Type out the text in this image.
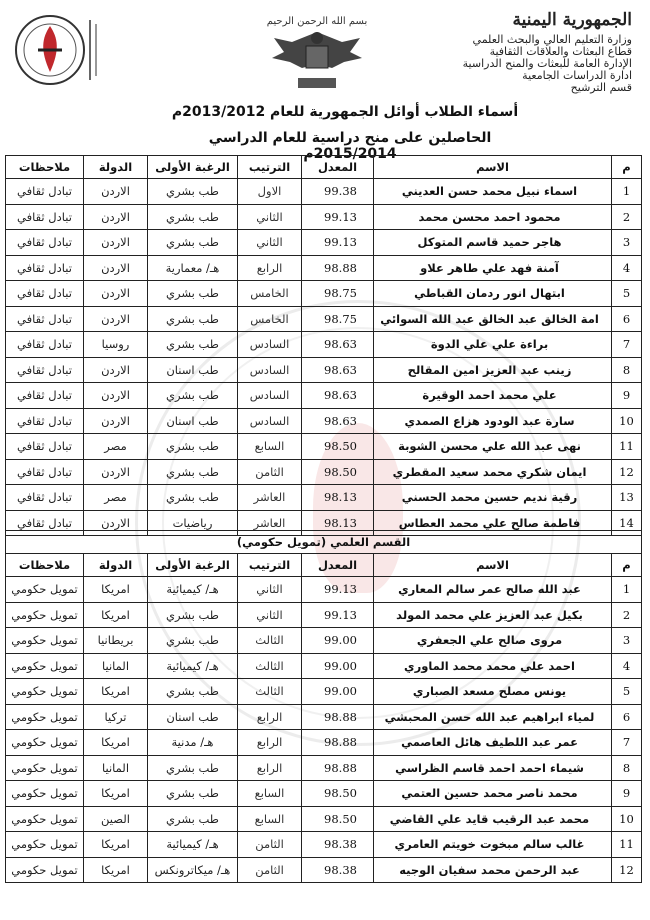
الجمهورية اليمنية
وزارة التعليم العالي والبحث العلمي
قطاع البعثات والعلاقات الثقافية
الإدارة العامة للبعثات والمنح الدراسية
ادارة الدراسات الجامعية
قسم الترشيح
بسم الله الرحمن الرحيم
أسماء الطلاب أوائل الجمهورية للعام 2013/2012م
الحاصلين على منح دراسية للعام الدراسي 2015/2014م
م	الاسم	المعدل	الترتيب	الرغبة الأولى	الدولة	ملاحظات
1	اسماء نبيل محمد حسن العديني	99.38	الاول	طب بشري	الاردن	تبادل ثقافي
2	محمود احمد محسن محمد	99.13	الثاني	طب بشري	الاردن	تبادل ثقافي
3	هاجر حميد قاسم المتوكل	99.13	الثاني	طب بشري	الاردن	تبادل ثقافي
4	آمنة فهد علي طاهر علاو	98.88	الرابع	هـ/ معمارية	الاردن	تبادل ثقافي
5	ابتهال انور ردمان القباطي	98.75	الخامس	طب بشري	الاردن	تبادل ثقافي
6	امة الخالق عبد الخالق عبد الله السوائي	98.75	الخامس	طب بشري	الاردن	تبادل ثقافي
7	براءة علي علي الدوة	98.63	السادس	طب بشري	روسيا	تبادل ثقافي
8	زينب عبد العزيز امين المقالح	98.63	السادس	طب اسنان	الاردن	تبادل ثقافي
9	علي محمد احمد الوقيرة	98.63	السادس	طب بشري	الاردن	تبادل ثقافي
10	سارة عبد الودود هزاع الصمدي	98.63	السادس	طب اسنان	الاردن	تبادل ثقافي
11	نهى عبد الله علي محسن الشوبة	98.50	السابع	طب بشري	مصر	تبادل ثقافي
12	ايمان شكري محمد سعيد المقطري	98.50	الثامن	طب بشري	الاردن	تبادل ثقافي
13	رقية نديم حسين محمد الحسني	98.13	العاشر	طب بشري	مصر	تبادل ثقافي
14	فاطمة صالح علي محمد العطاس	98.13	العاشر	رياضيات	الاردن	تبادل ثقافي
القسم العلمي (تمويل حكومي)						
م	الاسم	المعدل	الترتيب	الرغبة الأولى	الدولة	ملاحظات
1	عبد الله صالح عمر سالم المعاري	99.13	الثاني	هـ/ كيميائية	امريكا	تمويل حكومي
2	بكيل عبد العزيز علي محمد المولد	99.13	الثاني	طب بشري	امريكا	تمويل حكومي
3	مروى صالح علي الجعفري	99.00	الثالث	طب بشري	بريطانيا	تمويل حكومي
4	احمد علي محمد محمد الماوري	99.00	الثالث	هـ/ كيميائية	المانيا	تمويل حكومي
5	يونس مصلح مسعد الصباري	99.00	الثالث	طب بشري	امريكا	تمويل حكومي
6	لمياء ابراهيم عبد الله حسن المحبشي	98.88	الرابع	طب اسنان	تركيا	تمويل حكومي
7	عمر عبد اللطيف هائل العاصمي	98.88	الرابع	هـ/ مدنية	امريكا	تمويل حكومي
8	شيماء احمد احمد قاسم الظراسي	98.88	الرابع	طب بشري	المانيا	تمويل حكومي
9	محمد ناصر محمد حسين العتمي	98.50	السابع	طب بشري	امريكا	تمويل حكومي
10	محمد عبد الرقيب قايد علي القاضي	98.50	السابع	طب بشري	الصين	تمويل حكومي
11	غالب سالم مبخوت خويتم العامري	98.38	الثامن	هـ/ كيميائية	امريكا	تمويل حكومي
12	عبد الرحمن محمد سفيان الوجيه	98.38	الثامن	هـ/ ميكاترونكس	امريكا	تمويل حكومي
